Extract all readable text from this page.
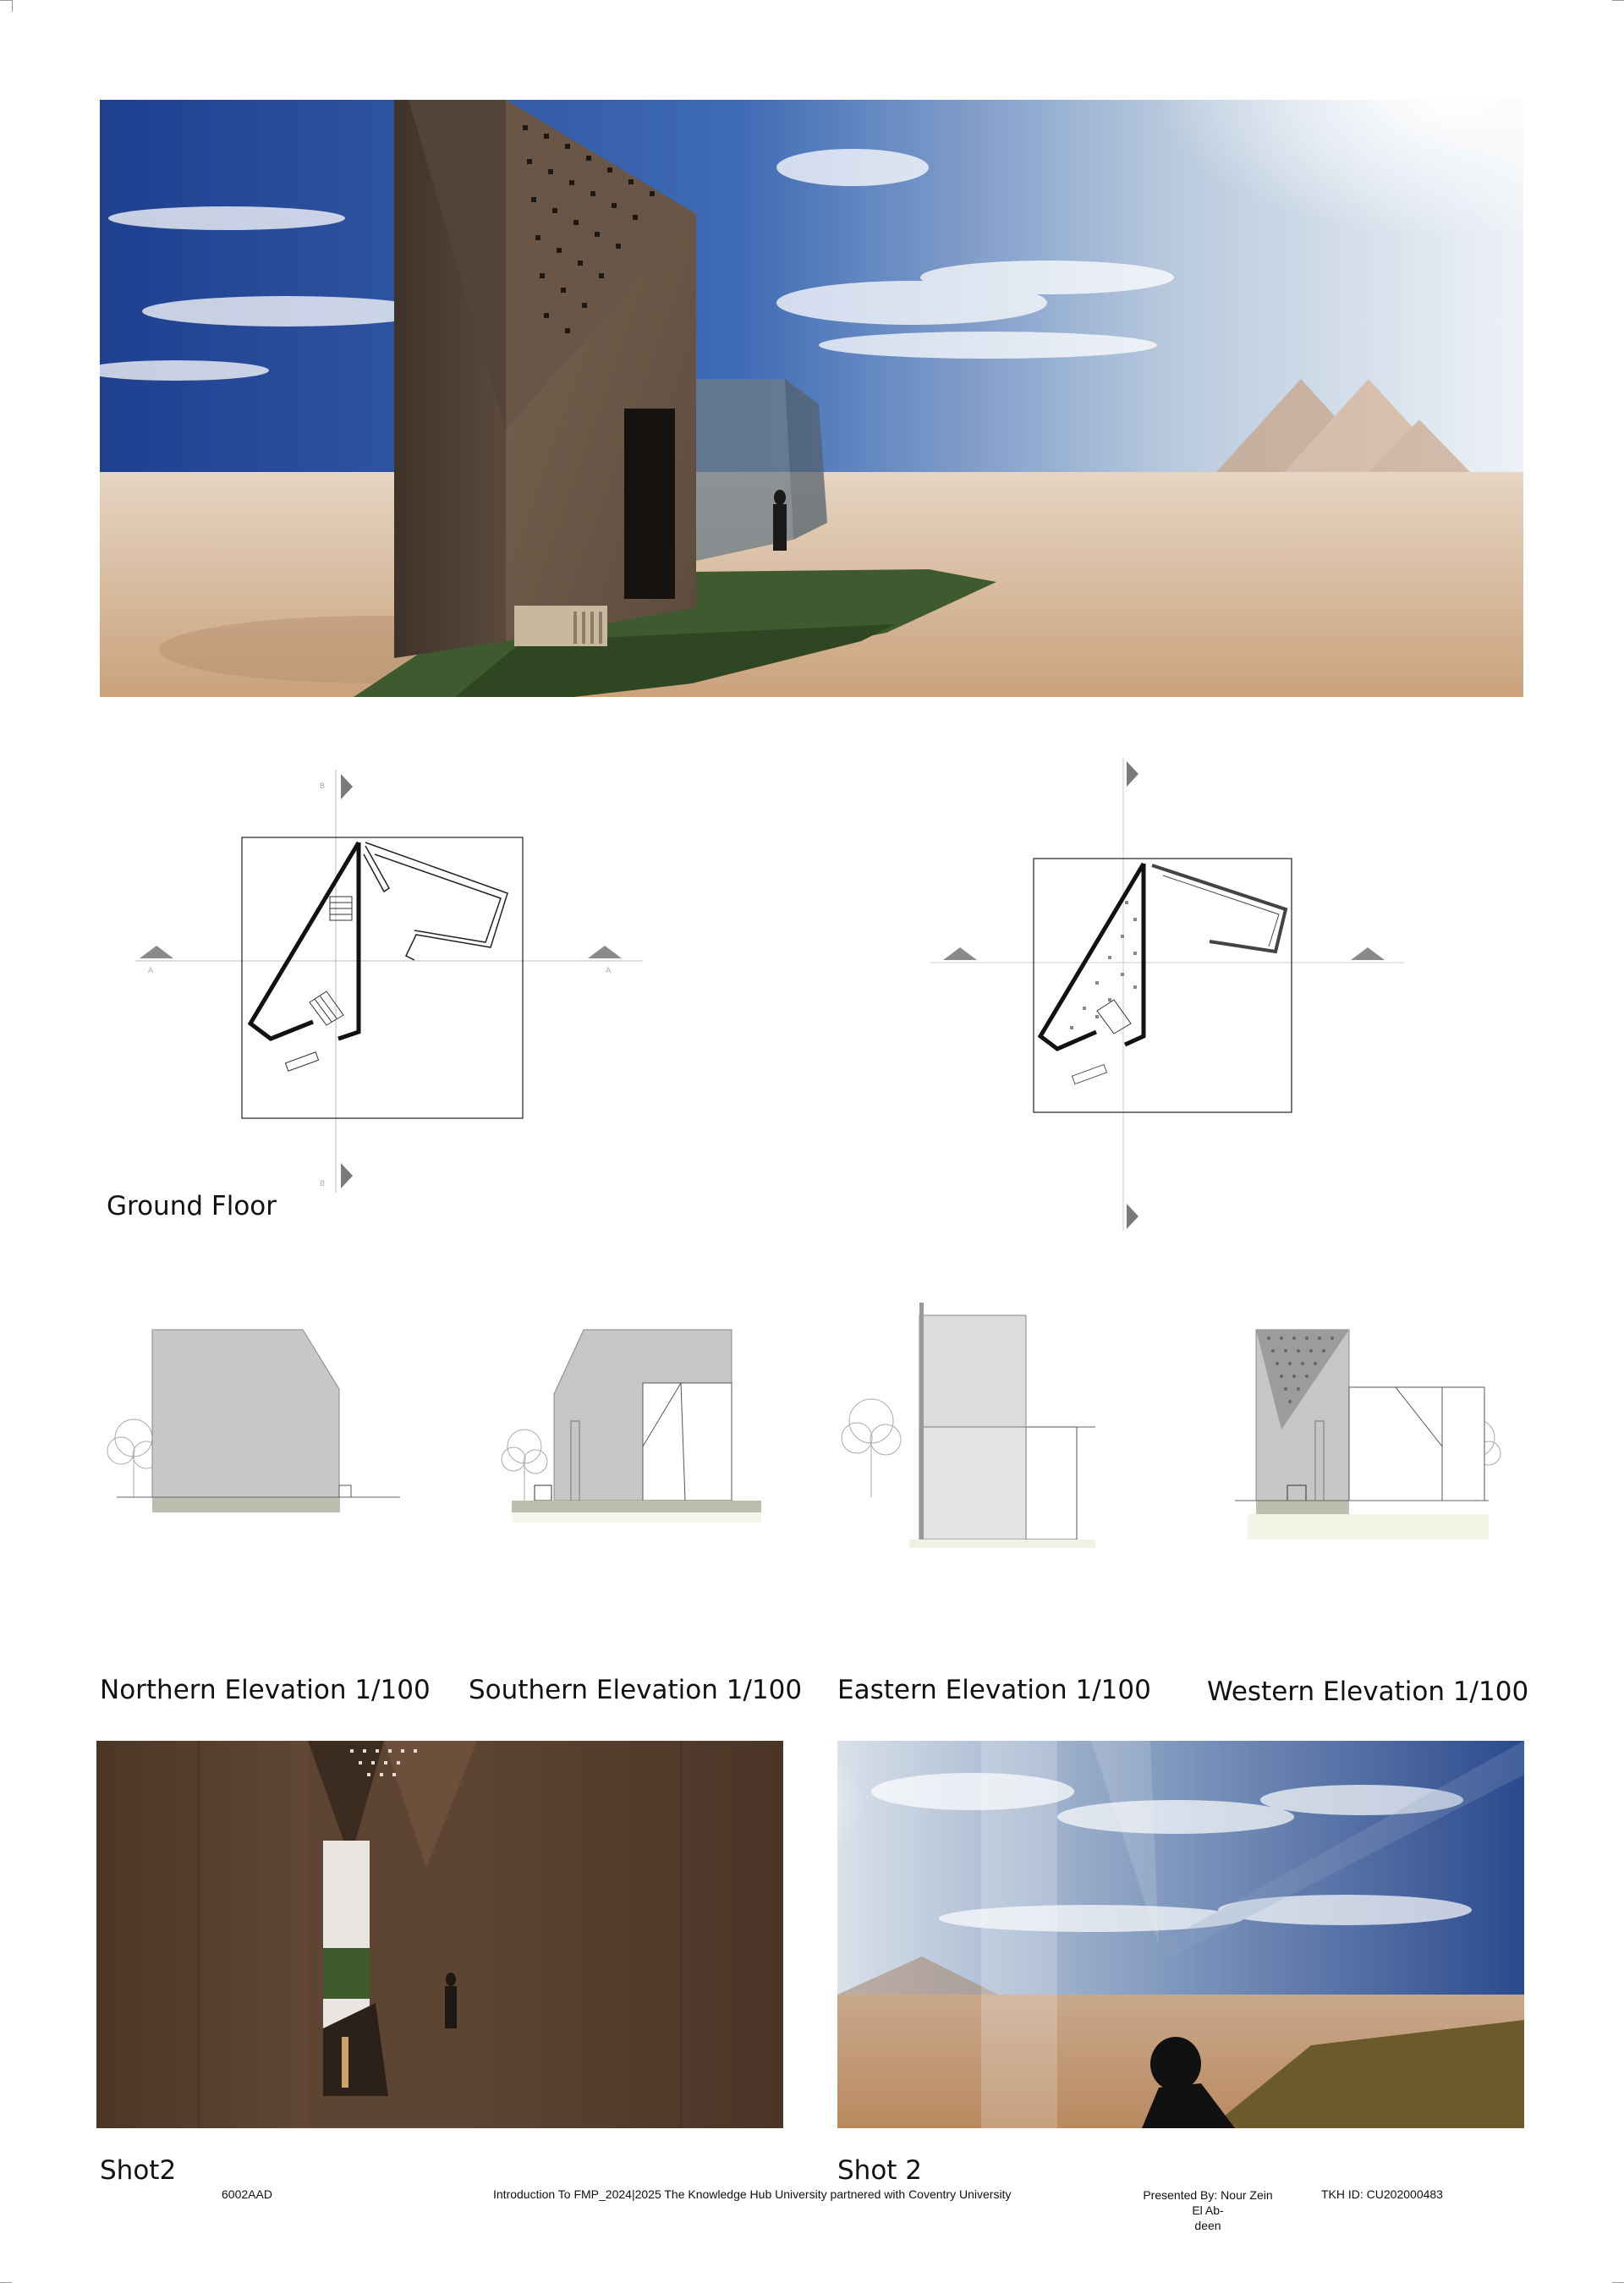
A	A
B
B
Ground Floor
Northern Elevation 1/100 Southern Elevation 1/100 Eastern Elevation 1/100 Western Elevation 1/100
Shot2	Shot 2
6002AAD	Introduction To FMP_2024|2025 The Knowledge Hub University partnered with Coventry University	Presented By: Nour Zein El Ab-
deen
TKH ID: CU202000483
